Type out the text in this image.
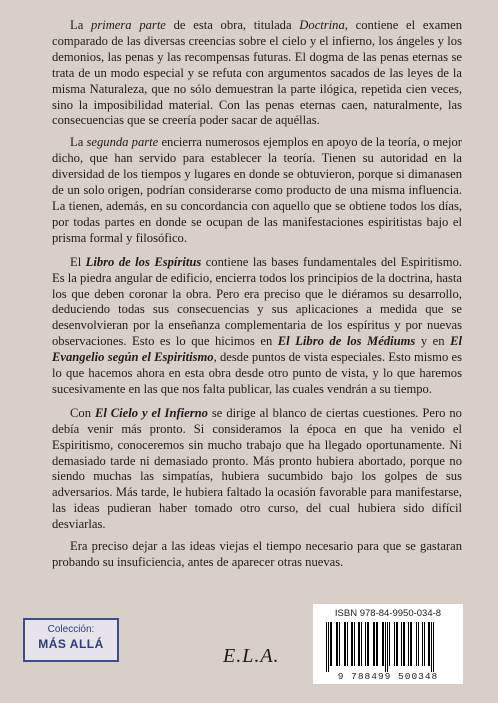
La primera parte de esta obra, titulada Doctrina, contiene el examen comparado de las diversas creencias sobre el cielo y el infierno, los ángeles y los demonios, las penas y las recompensas futuras. El dogma de las penas eternas se trata de un modo especial y se refuta con argumentos sacados de las leyes de la misma Naturaleza, que no sólo demuestran la parte ilógica, repetida cien veces, sino la imposibilidad material. Con las penas eternas caen, naturalmente, las consecuencias que se creería poder sacar de aquéllas.

La segunda parte encierra numerosos ejemplos en apoyo de la teoría, o mejor dicho, que han servido para establecer la teoría. Tienen su autoridad en la diversidad de los tiempos y lugares en donde se obtuvieron, porque si dimanasen de un solo origen, podrían considerarse como producto de una misma influencia. La tienen, además, en su concordancia con aquello que se obtiene todos los días, por todas partes en donde se ocupan de las manifestaciones espiritistas bajo el prisma formal y filosófico.

El Libro de los Espíritus contiene las bases fundamentales del Espiritismo. Es la piedra angular de edificio, encierra todos los principios de la doctrina, hasta los que deben coronar la obra. Pero era preciso que le diéramos su desarrollo, deduciendo todas sus consecuencias y sus aplicaciones a medida que se desenvolvieran por la enseñanza complementaria de los espíritus y por nuevas observaciones. Esto es lo que hicimos en El Libro de los Médiums y en El Evangelio según el Espiritismo, desde puntos de vista especiales. Esto mismo es lo que hacemos ahora en esta obra desde otro punto de vista, y lo que haremos sucesivamente en las que nos falta publicar, las cuales vendrán a su tiempo.

Con El Cielo y el Infierno se dirige al blanco de ciertas cuestiones. Pero no debía venir más pronto. Si consideramos la época en que ha venido el Espiritismo, conoceremos sin mucho trabajo que ha llegado oportunamente. Ni demasiado tarde ni demasiado pronto. Más pronto hubiera abortado, porque no siendo muchas las simpatías, hubiera sucumbido bajo los golpes de sus adversarios. Más tarde, le hubiera faltado la ocasión favorable para manifestarse, las ideas pudieran haber tomado otro curso, del cual hubiera sido difícil desviarlas.

Era preciso dejar a las ideas viejas el tiempo necesario para que se gastaran probando su insuficiencia, antes de aparecer otras nuevas.

Colección:
MÁS ALLÁ
E.L.A.
ISBN 978-84-9950-034-8
9 788499 500348
